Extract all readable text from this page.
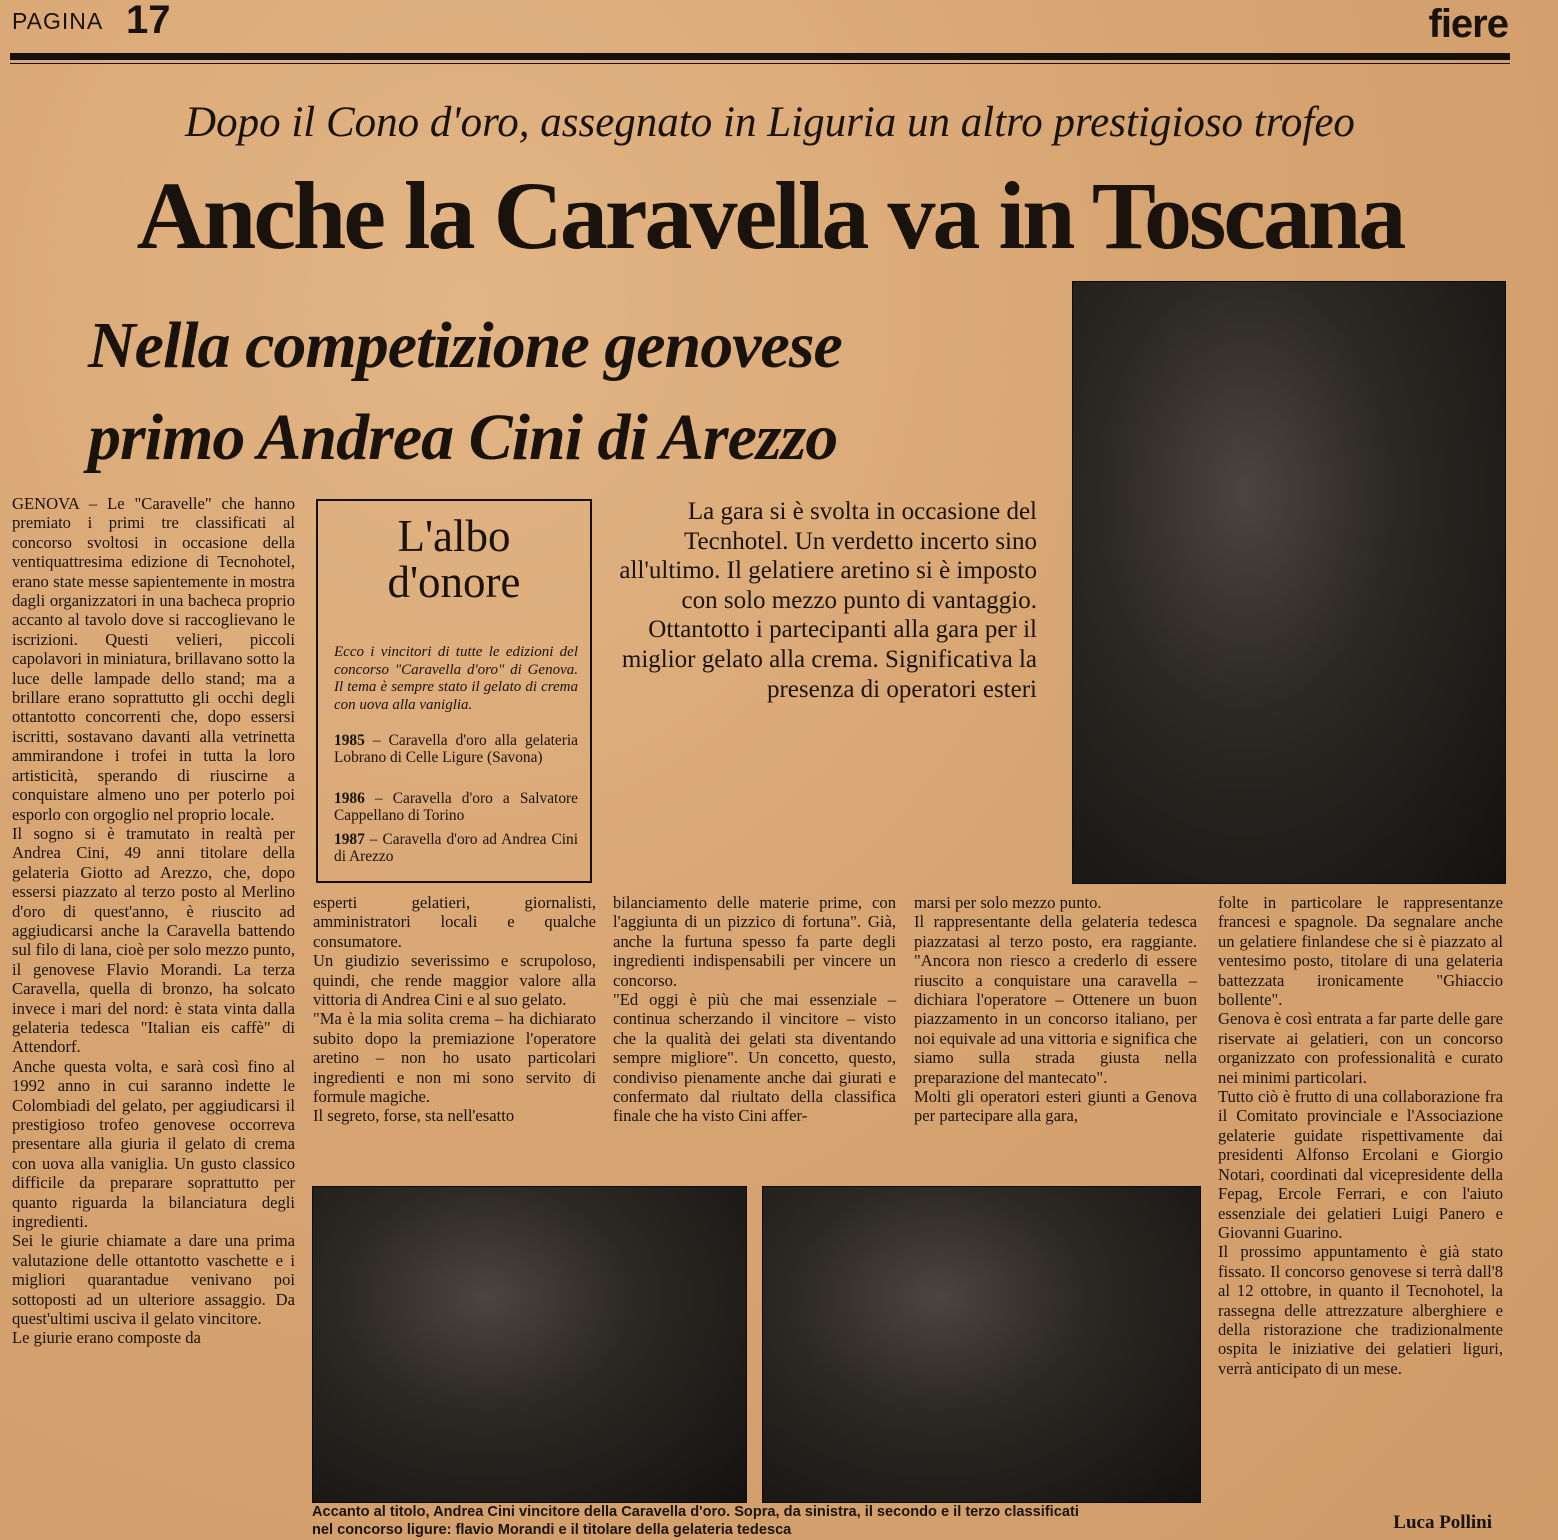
PAGINA 17	fiere
Dopo il Cono d'oro, assegnato in Liguria un altro prestigioso trofeo
Anche la Caravella va in Toscana
Nella competizione genovese
primo Andrea Cini di Arezzo
La gara si è svolta in occasione del Tecnhotel. Un verdetto incerto sino all'ultimo. Il gelatiere aretino si è imposto con solo mezzo punto di vantaggio. Ottantotto i partecipanti alla gara per il miglior gelato alla crema. Significativa la presenza di operatori esteri
L'albo
d'onore
Ecco i vincitori di tutte le edizioni del concorso "Caravella d'oro" di Genova. Il tema è sempre stato il gelato di crema con uova alla vaniglia.
1985 – Caravella d'oro alla gelateria Lobrano di Celle Ligure (Savona)
1986 – Caravella d'oro a Salvatore Cappellano di Torino
1987 – Caravella d'oro ad Andrea Cini di Arezzo

GENOVA – Le "Caravelle" che hanno premiato i primi tre classificati al concorso svoltosi in occasione della ventiquattresima edizione di Tecnohotel, erano state messe sapientemente in mostra dagli organizzatori in una bacheca proprio accanto al tavolo dove si raccoglievano le iscrizioni. Questi velieri, piccoli capolavori in miniatura, brillavano sotto la luce delle lampade dello stand; ma a brillare erano soprattutto gli occhi degli ottantotto concorrenti che, dopo essersi iscritti, sostavano davanti alla vetrinetta ammirandone i trofei in tutta la loro artisticità, sperando di riuscirne a conquistare almeno uno per poterlo poi esporlo con orgoglio nel proprio locale.

Il sogno si è tramutato in realtà per Andrea Cini, 49 anni titolare della gelateria Giotto ad Arezzo, che, dopo essersi piazzato al terzo posto al Merlino d'oro di quest'anno, è riuscito ad aggiudicarsi anche la Caravella battendo sul filo di lana, cioè per solo mezzo punto, il genovese Flavio Morandi. La terza Caravella, quella di bronzo, ha solcato invece i mari del nord: è stata vinta dalla gelateria tedesca "Italian eis caffè" di Attendorf.

Anche questa volta, e sarà così fino al 1992 anno in cui saranno indette le Colombiadi del gelato, per aggiudicarsi il prestigioso trofeo genovese occorreva presentare alla giuria il gelato di crema con uova alla vaniglia. Un gusto classico difficile da preparare soprattutto per quanto riguarda la bilanciatura degli ingredienti.

Sei le giurie chiamate a dare una prima valutazione delle ottantotto vaschette e i migliori quarantadue venivano poi sottoposti ad un ulteriore assaggio. Da quest'ultimi usciva il gelato vincitore.

Le giurie erano composte da

esperti gelatieri, giornalisti, amministratori locali e qualche consumatore.

Un giudizio severissimo e scrupoloso, quindi, che rende maggior valore alla vittoria di Andrea Cini e al suo gelato.

"Ma è la mia solita crema – ha dichiarato subito dopo la premiazione l'operatore aretino – non ho usato particolari ingredienti e non mi sono servito di formule magiche.

Il segreto, forse, sta nell'esatto

bilanciamento delle materie prime, con l'aggiunta di un pizzico di fortuna". Già, anche la furtuna spesso fa parte degli ingredienti indispensabili per vincere un concorso.

"Ed oggi è più che mai essenziale – continua scherzando il vincitore – visto che la qualità dei gelati sta diventando sempre migliore". Un concetto, questo, condiviso pienamente anche dai giurati e confermato dal riultato della classifica finale che ha visto Cini affer-

marsi per solo mezzo punto.

Il rappresentante della gelateria tedesca piazzatasi al terzo posto, era raggiante. "Ancora non riesco a crederlo di essere riuscito a conquistare una caravella – dichiara l'operatore – Ottenere un buon piazzamento in un concorso italiano, per noi equivale ad una vittoria e significa che siamo sulla strada giusta nella preparazione del mantecato".

Molti gli operatori esteri giunti a Genova per partecipare alla gara,

folte in particolare le rappresentanze francesi e spagnole. Da segnalare anche un gelatiere finlandese che si è piazzato al ventesimo posto, titolare di una gelateria battezzata ironicamente "Ghiaccio bollente".

Genova è così entrata a far parte delle gare riservate ai gelatieri, con un concorso organizzato con professionalità e curato nei minimi particolari.

Tutto ciò è frutto di una collaborazione fra il Comitato provinciale e l'Associazione gelaterie guidate rispettivamente dai presidenti Alfonso Ercolani e Giorgio Notari, coordinati dal vicepresidente della Fepag, Ercole Ferrari, e con l'aiuto essenziale dei gelatieri Luigi Panero e Giovanni Guarino.

Il prossimo appuntamento è già stato fissato. Il concorso genovese si terrà dall'8 al 12 ottobre, in quanto il Tecnohotel, la rassegna delle attrezzature alberghiere e della ristorazione che tradizionalmente ospita le iniziative dei gelatieri liguri, verrà anticipato di un mese.

Accanto al titolo, Andrea Cini vincitore della Caravella d'oro. Sopra, da sinistra, il secondo e il terzo classificati
nel concorso ligure: flavio Morandi e il titolare della gelateria tedesca	Luca Pollini
